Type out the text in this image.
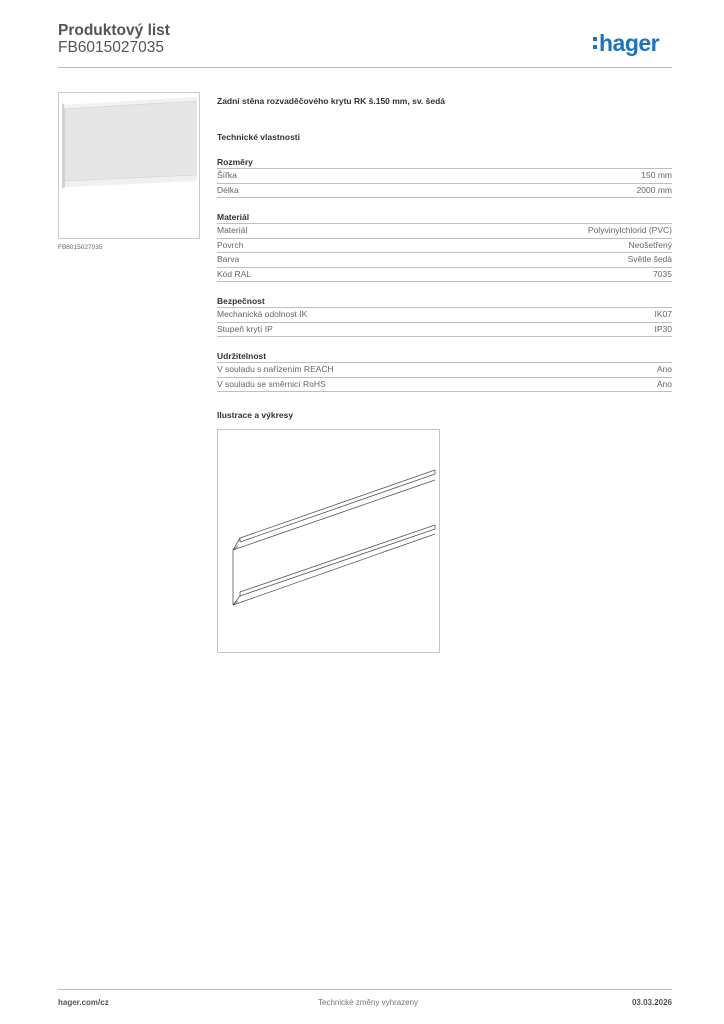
Produktový list
FB6015027035	hager
FB6015027035
Zadní stěna rozvaděčového krytu RK š.150 mm, sv. šedá
Technické vlastnosti
Rozměry
Šířka	150 mm
Délka	2000 mm
Materiál
Materiál	Polyvinylchlorid (PVC)
Povrch	Neošetřený
Barva	Světle šedá
Kód RAL	7035
Bezpečnost
Mechanická odolnost IK	IK07
Stupeň krytí IP	IP30
Udržitelnost
V souladu s nařízením REACH	Ano
V souladu se směrnicí RoHS	Ano
Ilustrace a výkresy
hager.com/cz	Technické změny vyhrazeny	03.03.2026
